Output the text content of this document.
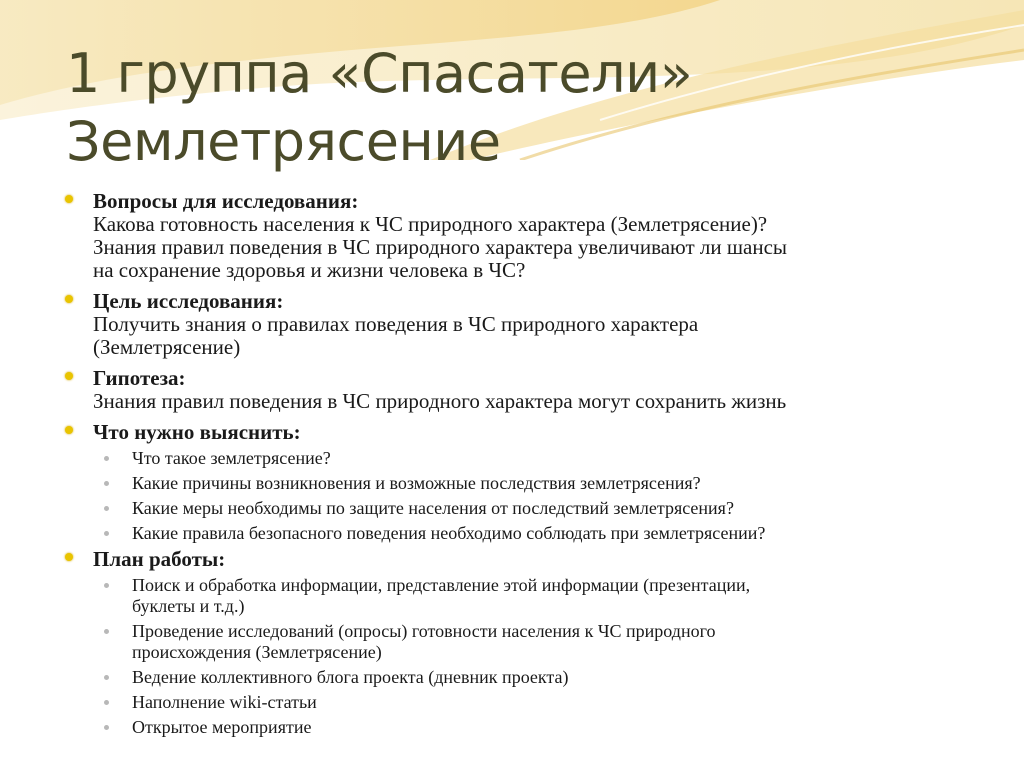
1 группа «Спасатели»
Землетрясение
Вопросы для исследования:
Какова готовность населения к ЧС природного характера (Землетрясение)?
Знания правил поведения в ЧС природного характера увеличивают ли шансы
на сохранение здоровья и жизни человека в ЧС?
Цель исследования:
Получить знания о правилах поведения в ЧС природного характера
(Землетрясение)
Гипотеза:
Знания правил поведения в ЧС природного характера могут сохранить жизнь
Что нужно выяснить:
Что такое землетрясение?
Какие причины возникновения и возможные последствия землетрясения?
Какие меры необходимы по защите населения от последствий землетрясения?
Какие правила безопасного поведения необходимо соблюдать при землетрясении?
План работы:
Поиск и обработка информации, представление этой информации (презентации,
буклеты и т.д.)
Проведение исследований (опросы) готовности населения к ЧС природного
происхождения (Землетрясение)
Ведение коллективного блога проекта (дневник проекта)
Наполнение wiki-статьи
Открытое мероприятие
